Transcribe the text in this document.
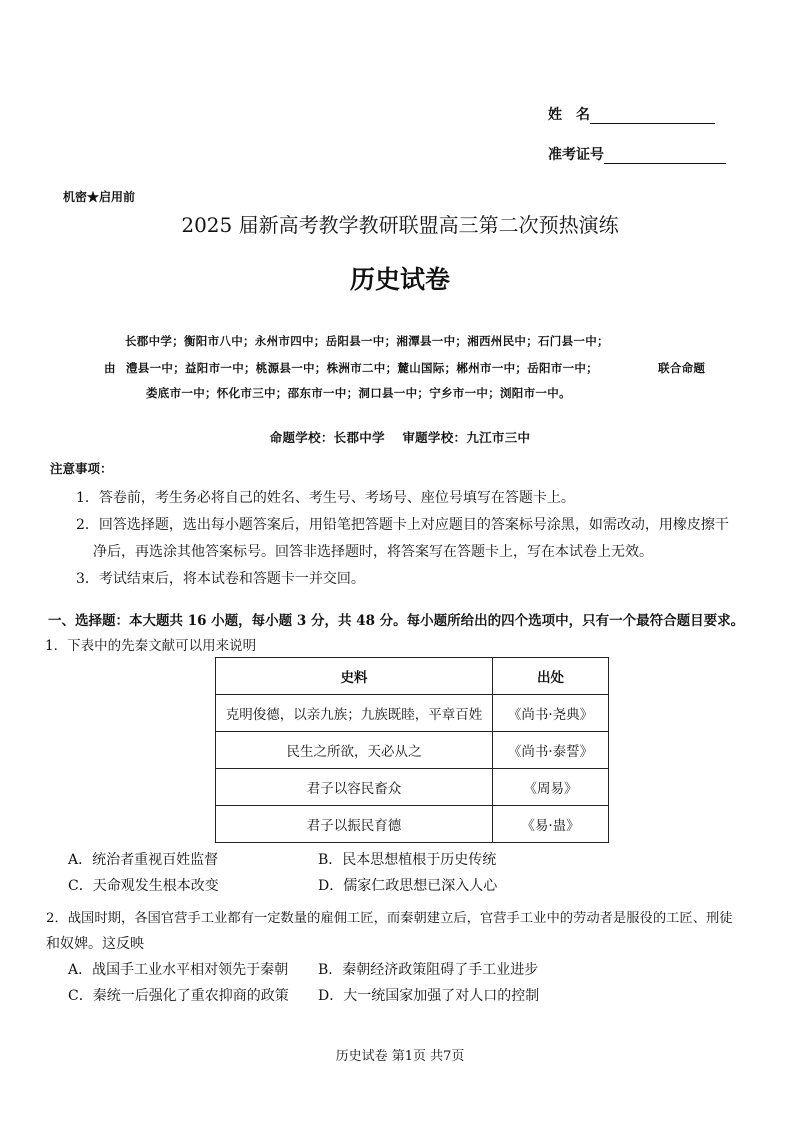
姓　名
准考证号
机密★启用前
2025 届新高考教学教研联盟高三第二次预热演练
历史试卷
长郡中学；衡阳市八中；永州市四中；岳阳县一中；湘潭县一中；湘西州民中；石门县一中；
由 澧县一中；益阳市一中；桃源县一中；株洲市二中；麓山国际；郴州市一中；岳阳市一中；	联合命题
娄底市一中；怀化市三中；邵东市一中；洞口县一中；宁乡市一中；浏阳市一中。
命题学校：长郡中学　 审题学校：九江市三中
注意事项：
1．答卷前，考生务必将自己的姓名、考生号、考场号、座位号填写在答题卡上。
2．回答选择题，选出每小题答案后，用铅笔把答题卡上对应题目的答案标号涂黑，如需改动，用橡皮擦干
净后，再选涂其他答案标号。回答非选择题时，将答案写在答题卡上，写在本试卷上无效。
3．考试结束后，将本试卷和答题卡一并交回。
一、选择题：本大题共 16 小题，每小题 3 分，共 48 分。每小题所给出的四个选项中，只有一个最符合题目要求。
1．下表中的先秦文献可以用来说明
史料	出处
克明俊德，以亲九族；九族既睦，平章百姓	《尚书·尧典》
民生之所欲，天必从之	《尚书·泰誓》
君子以容民畜众	《周易》
君子以振民育德	《易·蛊》
A．统治者重视百姓监督	B．民本思想植根于历史传统
C．天命观发生根本改变	D．儒家仁政思想已深入人心
2．战国时期，各国官营手工业都有一定数量的雇佣工匠，而秦朝建立后，官营手工业中的劳动者是服役的工匠、刑徒
和奴婢。这反映
A．战国手工业水平相对领先于秦朝 B．秦朝经济政策阻碍了手工业进步
C．秦统一后强化了重农抑商的政策 D．大一统国家加强了对人口的控制
历史试卷 第1页 共7页
